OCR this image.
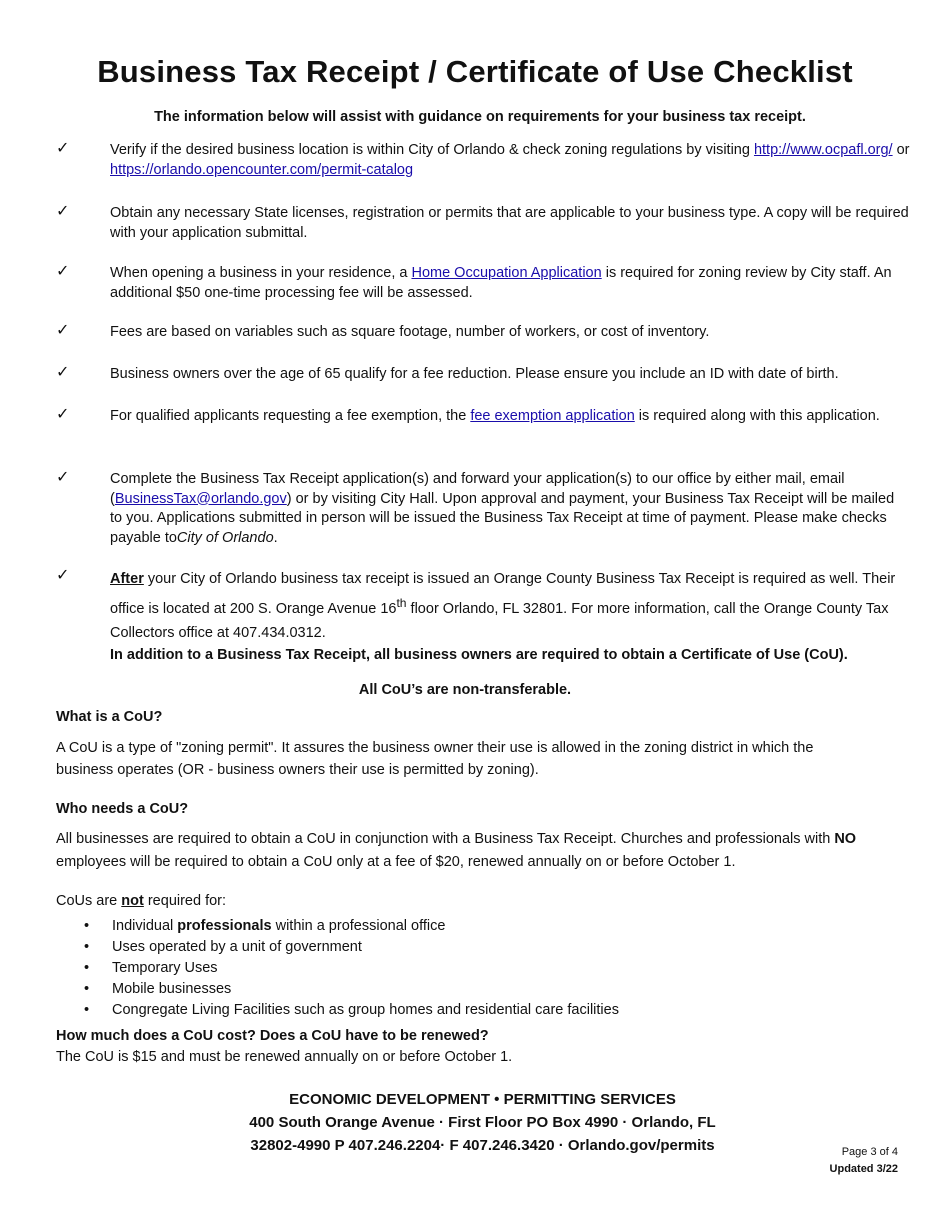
Business Tax Receipt / Certificate of Use Checklist
The information below will assist with guidance on requirements for your business tax receipt.
✓	Verify if the desired business location is within City of Orlando & check zoning regulations by visiting http://www.ocpafl.org/ or https://orlando.opencounter.com/permit-catalog
✓	Obtain any necessary State licenses, registration or permits that are applicable to your business type. A copy will be required with your application submittal.
✓	When opening a business in your residence, a Home Occupation Application is required for zoning review by City staff. An additional $50 one-time processing fee will be assessed.
✓	Fees are based on variables such as square footage, number of workers, or cost of inventory.
✓	Business owners over the age of 65 qualify for a fee reduction. Please ensure you include an ID with date of birth.
✓	For qualified applicants requesting a fee exemption, the fee exemption application is required along with this application.
✓	Complete the Business Tax Receipt application(s) and forward your application(s) to our office by either mail, email (BusinessTax@orlando.gov) or by visiting City Hall. Upon approval and payment, your Business Tax Receipt will be mailed to you. Applications submitted in person will be issued the Business Tax Receipt at time of payment. Please make checks payable toCity of Orlando.
✓	After your City of Orlando business tax receipt is issued an Orange County Business Tax Receipt is required as well. Their office is located at 200 S. Orange Avenue 16th floor Orlando, FL 32801. For more information, call the Orange County Tax Collectors office at 407.434.0312.
In addition to a Business Tax Receipt, all business owners are required to obtain a Certificate of Use (CoU).
All CoU’s are non-transferable.
What is a CoU?
A CoU is a type of "zoning permit". It assures the business owner their use is allowed in the zoning district in which the business operates (OR - business owners their use is permitted by zoning).
Who needs a CoU?
All businesses are required to obtain a CoU in conjunction with a Business Tax Receipt. Churches and professionals with NO employees will be required to obtain a CoU only at a fee of $20, renewed annually on or before October 1.
CoUs are not required for:
• Individual professionals within a professional office
• Uses operated by a unit of government
• Temporary Uses
• Mobile businesses
• Congregate Living Facilities such as group homes and residential care facilities
How much does a CoU cost? Does a CoU have to be renewed?
The CoU is $15 and must be renewed annually on or before October 1.
ECONOMIC DEVELOPMENT • PERMITTING SERVICES
400 South Orange Avenue · First Floor PO Box 4990 · Orlando, FL
32802-4990 P 407.246.2204· F 407.246.3420 · Orlando.gov/permits	Page 3 of 4
Updated 3/22
